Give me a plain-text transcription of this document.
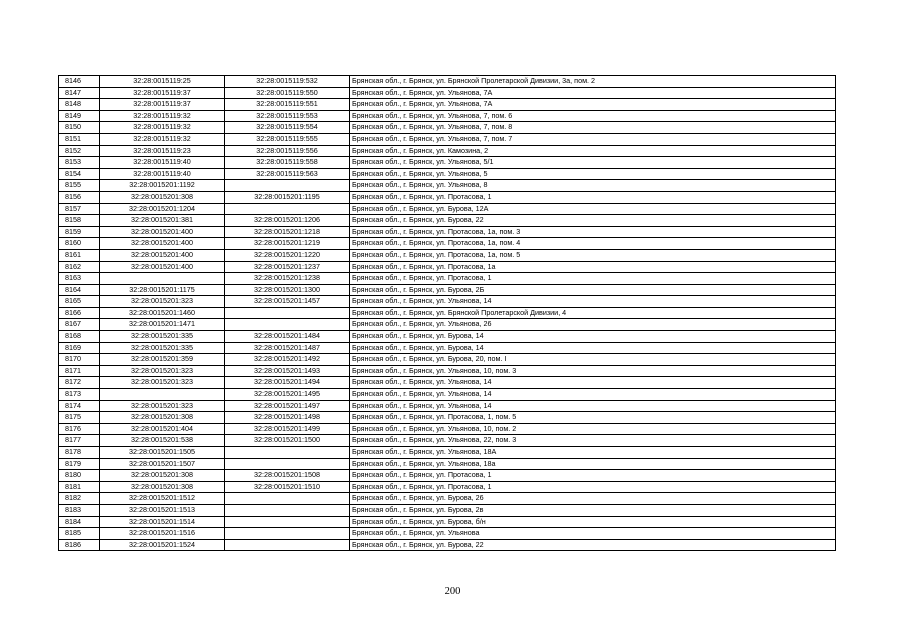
8146	32:28:0015119:25	32:28:0015119:532	Брянская обл., г. Брянск, ул. Брянской Пролетарской Дивизии, 3а, пом. 2
8147	32:28:0015119:37	32:28:0015119:550	Брянская обл., г. Брянск, ул. Ульянова, 7А
8148	32:28:0015119:37	32:28:0015119:551	Брянская обл., г. Брянск, ул. Ульянова, 7А
8149	32:28:0015119:32	32:28:0015119:553	Брянская обл., г. Брянск, ул. Ульянова, 7, пом. 6
8150	32:28:0015119:32	32:28:0015119:554	Брянская обл., г. Брянск, ул. Ульянова, 7, пом. 8
8151	32:28:0015119:32	32:28:0015119:555	Брянская обл., г. Брянск, ул. Ульянова, 7, пом. 7
8152	32:28:0015119:23	32:28:0015119:556	Брянская обл., г. Брянск, ул. Камозина, 2
8153	32:28:0015119:40	32:28:0015119:558	Брянская обл., г. Брянск, ул. Ульянова, 5/1
8154	32:28:0015119:40	32:28:0015119:563	Брянская обл., г. Брянск, ул. Ульянова, 5
8155	32:28:0015201:1192		Брянская обл., г. Брянск, ул. Ульянова, 8
8156	32:28:0015201:308	32:28:0015201:1195	Брянская обл., г. Брянск, ул. Протасова, 1
8157	32:28:0015201:1204		Брянская обл., г. Брянск, ул. Бурова, 12А
8158	32:28:0015201:381	32:28:0015201:1206	Брянская обл., г. Брянск, ул. Бурова, 22
8159	32:28:0015201:400	32:28:0015201:1218	Брянская обл., г. Брянск, ул. Протасова, 1а, пом. 3
8160	32:28:0015201:400	32:28:0015201:1219	Брянская обл., г. Брянск, ул. Протасова, 1а, пом. 4
8161	32:28:0015201:400	32:28:0015201:1220	Брянская обл., г. Брянск, ул. Протасова, 1а, пом. 5
8162	32:28:0015201:400	32:28:0015201:1237	Брянская обл., г. Брянск, ул. Протасова, 1а
8163		32:28:0015201:1238	Брянская обл., г. Брянск, ул. Протасова, 1
8164	32:28:0015201:1175	32:28:0015201:1300	Брянская обл., г. Брянск, ул. Бурова, 2Б
8165	32:28:0015201:323	32:28:0015201:1457	Брянская обл., г. Брянск, ул. Ульянова, 14
8166	32:28:0015201:1460		Брянская обл., г. Брянск, ул. Брянской Пролетарской Дивизии, 4
8167	32:28:0015201:1471		Брянская обл., г. Брянск, ул. Ульянова, 26
8168	32:28:0015201:335	32:28:0015201:1484	Брянская обл., г. Брянск, ул. Бурова, 14
8169	32:28:0015201:335	32:28:0015201:1487	Брянская обл., г. Брянск, ул. Бурова, 14
8170	32:28:0015201:359	32:28:0015201:1492	Брянская обл., г. Брянск, ул. Бурова, 20, пом. I
8171	32:28:0015201:323	32:28:0015201:1493	Брянская обл., г. Брянск, ул. Ульянова, 10, пом. 3
8172	32:28:0015201:323	32:28:0015201:1494	Брянская обл., г. Брянск, ул. Ульянова, 14
8173		32:28:0015201:1495	Брянская обл., г. Брянск, ул. Ульянова, 14
8174	32:28:0015201:323	32:28:0015201:1497	Брянская обл., г. Брянск, ул. Ульянова, 14
8175	32:28:0015201:308	32:28:0015201:1498	Брянская обл., г. Брянск, ул. Протасова, 1, пом. 5
8176	32:28:0015201:404	32:28:0015201:1499	Брянская обл., г. Брянск, ул. Ульянова, 10, пом. 2
8177	32:28:0015201:538	32:28:0015201:1500	Брянская обл., г. Брянск, ул. Ульянова, 22, пом. 3
8178	32:28:0015201:1505		Брянская обл., г. Брянск, ул. Ульянова, 18А
8179	32:28:0015201:1507		Брянская обл., г. Брянск, ул. Ульянова, 18а
8180	32:28:0015201:308	32:28:0015201:1508	Брянская обл., г. Брянск, ул. Протасова, 1
8181	32:28:0015201:308	32:28:0015201:1510	Брянская обл., г. Брянск, ул. Протасова, 1
8182	32:28:0015201:1512		Брянская обл., г. Брянск, ул. Бурова, 26
8183	32:28:0015201:1513		Брянская обл., г. Брянск, ул. Бурова, 2в
8184	32:28:0015201:1514		Брянская обл., г. Брянск, ул. Бурова, б/н
8185	32:28:0015201:1516		Брянская обл., г. Брянск, ул. Ульянова
8186	32:28:0015201:1524		Брянская обл., г. Брянск, ул. Бурова, 22
200
